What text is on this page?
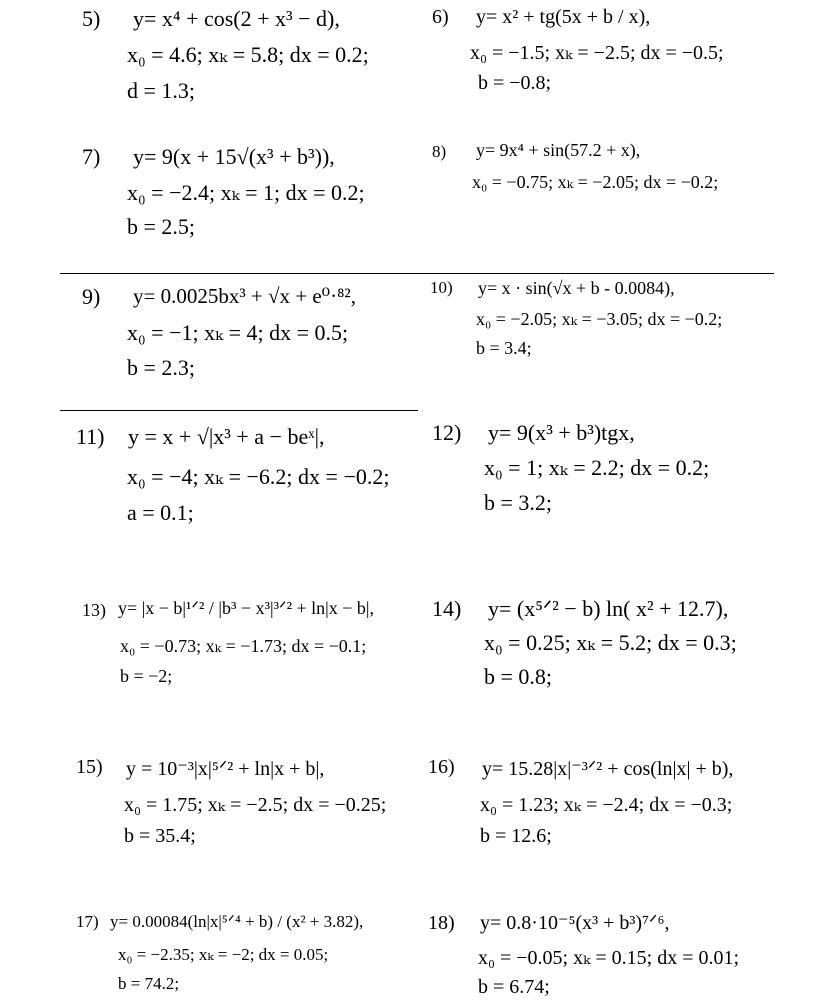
5) y= x⁴ + cos(2 + x³ − d),
x₀ = 4.6; xₖ = 5.8; dx = 0.2;
d = 1.3;
6) y= x² + tg(5x + b / x),
x₀ = −1.5; xₖ = −2.5; dx = −0.5;
b = −0.8;
7) y= 9(x + 15√(x³ + b³)),
x₀ = −2.4; xₖ = 1; dx = 0.2;
b = 2.5;
8) y= 9x⁴ + sin(57.2 + x),
x₀ = −0.75; xₖ = −2.05; dx = −0.2;
9) y= 0.0025bx³ + √x + e⁰·⁸²,
x₀ = −1; xₖ = 4; dx = 0.5;
b = 2.3;
10) y= x · sin(√x + b - 0.0084),
x₀ = −2.05; xₖ = −3.05; dx = −0.2;
b = 3.4;
11) y = x + √|x³ + a − beˣ|,
x₀ = −4; xₖ = −6.2; dx = −0.2;
a = 0.1;
12) y= 9(x³ + b³)tgx,
x₀ = 1; xₖ = 2.2; dx = 0.2;
b = 3.2;
13) y= |x − b|¹ᐟ² / |b³ − x³|³ᐟ² + ln|x − b|,
x₀ = −0.73; xₖ = −1.73; dx = −0.1;
b = −2;
14) y= (x⁵ᐟ² − b) ln( x² + 12.7),
x₀ = 0.25; xₖ = 5.2; dx = 0.3;
b = 0.8;
15) y = 10⁻³|x|⁵ᐟ² + ln|x + b|,
x₀ = 1.75; xₖ = −2.5; dx = −0.25;
b = 35.4;
16) y= 15.28|x|⁻³ᐟ² + cos(ln|x| + b),
x₀ = 1.23; xₖ = −2.4; dx = −0.3;
b = 12.6;
17) y= 0.00084(ln|x|⁵ᐟ⁴ + b) / (x² + 3.82),
x₀ = −2.35; xₖ = −2; dx = 0.05;
b = 74.2;
18) y= 0.8·10⁻⁵(x³ + b³)⁷ᐟ⁶,
x₀ = −0.05; xₖ = 0.15; dx = 0.01;
b = 6.74;
